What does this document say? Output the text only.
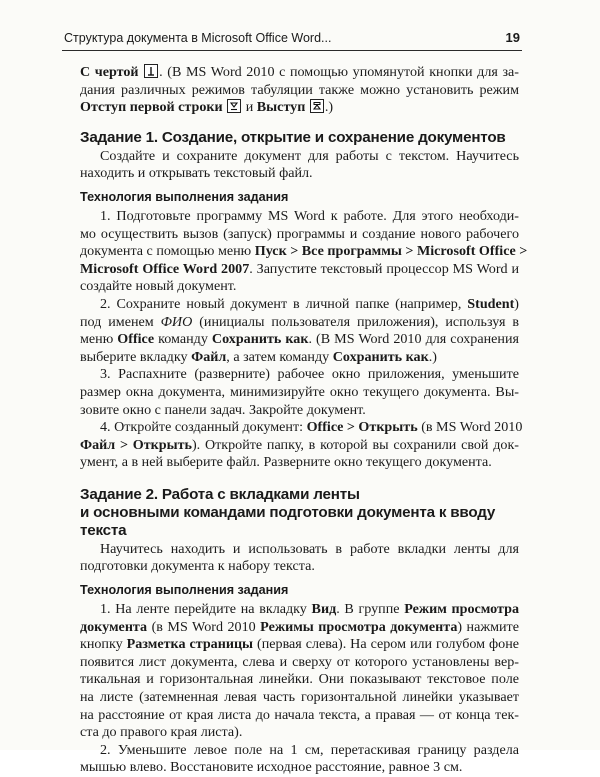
Структура документа в Microsoft Office Word...	19
С чертой . (В MS Word 2010 с помощью упомянутой кнопки для за-
дания различных режимов табуляции также можно установить режим
Отступ первой строки и Выступ .)
Задание 1. Создание, открытие и сохранение документов
Создайте и сохраните документ для работы с текстом. Научитесь
находить и открывать текстовый файл.
Технология выполнения задания
1. Подготовьте программу MS Word к работе. Для этого необходи-
мо осуществить вызов (запуск) программы и создание нового рабочего
документа с помощью меню Пуск > Все программы > Microsoft Office >
Microsoft Office Word 2007. Запустите текстовый процессор MS Word и
создайте новый документ.
2. Сохраните новый документ в личной папке (например, Student)
под именем ФИО (инициалы пользователя приложения), используя в
меню Office команду Сохранить как. (В MS Word 2010 для сохранения
выберите вкладку Файл, а затем команду Сохранить как.)
3. Распахните (разверните) рабочее окно приложения, уменьшите
размер окна документа, минимизируйте окно текущего документа. Вы-
зовите окно с панели задач. Закройте документ.
4. Откройте созданный документ: Office > Открыть (в MS Word 2010
Файл > Открыть). Откройте папку, в которой вы сохранили свой док-
умент, а в ней выберите файл. Разверните окно текущего документа.
Задание 2. Работа с вкладками ленты
и основными командами подготовки документа к вводу текста
Научитесь находить и использовать в работе вкладки ленты для
подготовки документа к набору текста.
Технология выполнения задания
1. На ленте перейдите на вкладку Вид. В группе Режим просмотра
документа (в MS Word 2010 Режимы просмотра документа) нажмите
кнопку Разметка страницы (первая слева). На сером или голубом фоне
появится лист документа, слева и сверху от которого установлены вер-
тикальная и горизонтальная линейки. Они показывают текстовое поле
на листе (затемненная левая часть горизонтальной линейки указывает
на расстояние от края листа до начала текста, а правая — от конца тек-
ста до правого края листа).
2. Уменьшите левое поле на 1 см, перетаскивая границу раздела
мышью влево. Восстановите исходное расстояние, равное 3 см.
